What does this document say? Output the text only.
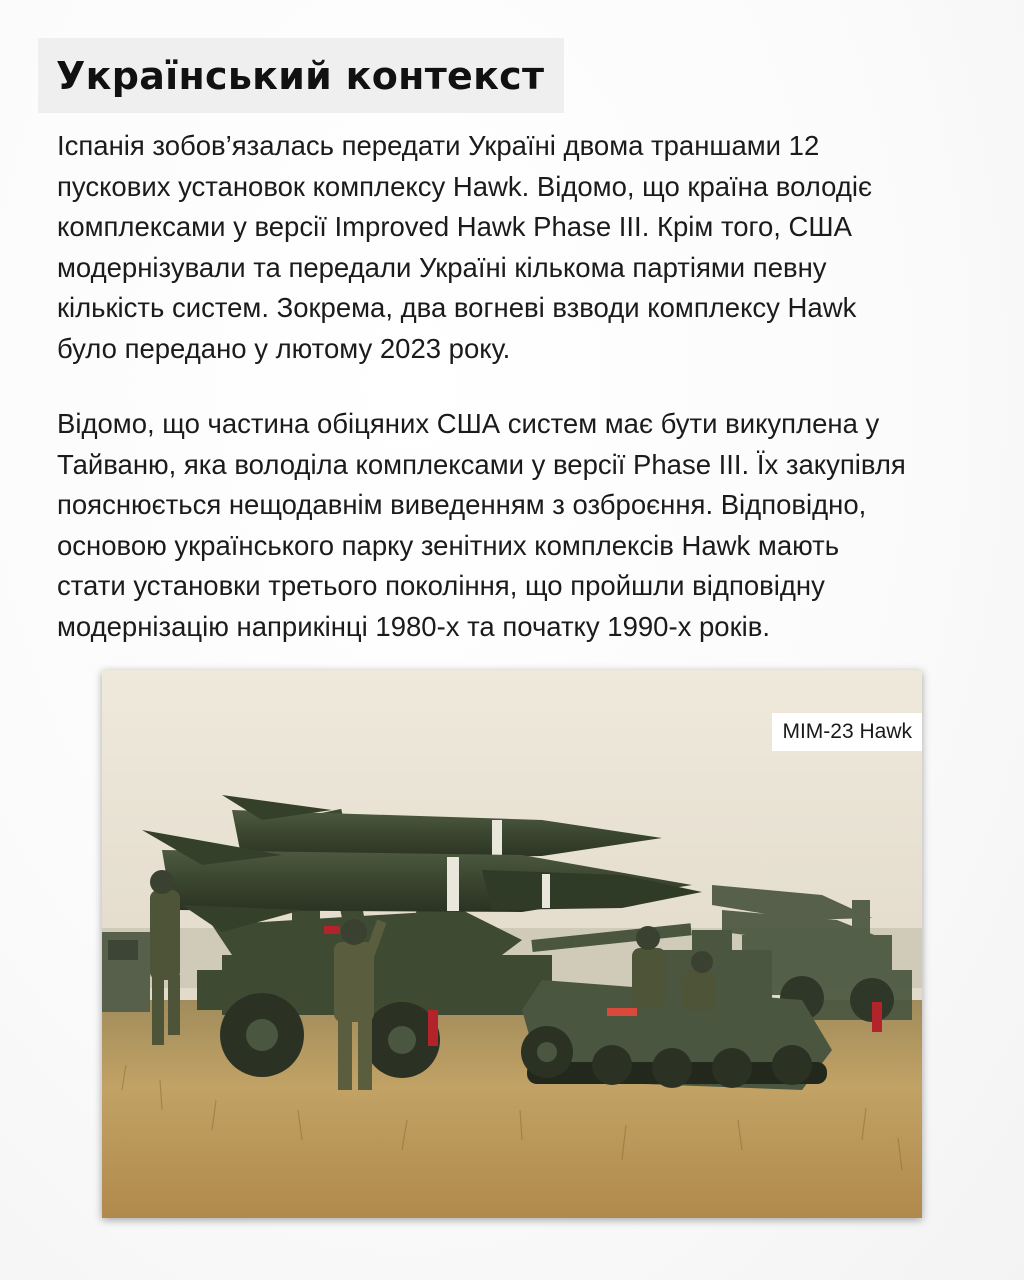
Український контекст

Іспанія зобов’язалась передати Україні двома траншами 12
пускових установок комплексу Hawk. Відомо, що країна володіє
комплексами у версії Improved Hawk Phase III. Крім того, США
модернізували та передали Україні кількома партіями певну
кількість систем. Зокрема, два вогневі взводи комплексу Hawk
було передано у лютому 2023 року.

Відомо, що частина обіцяних США систем має бути викуплена у
Тайваню, яка володіла комплексами у версії Phase III. Їх закупівля
пояснюється нещодавнім виведенням з озброєння. Відповідно,
основою українського парку зенітних комплексів Hawk мають
стати установки третього покоління, що пройшли відповідну
модернізацію наприкінці 1980-х та початку 1990-х років.

MIM-23 Hawk
